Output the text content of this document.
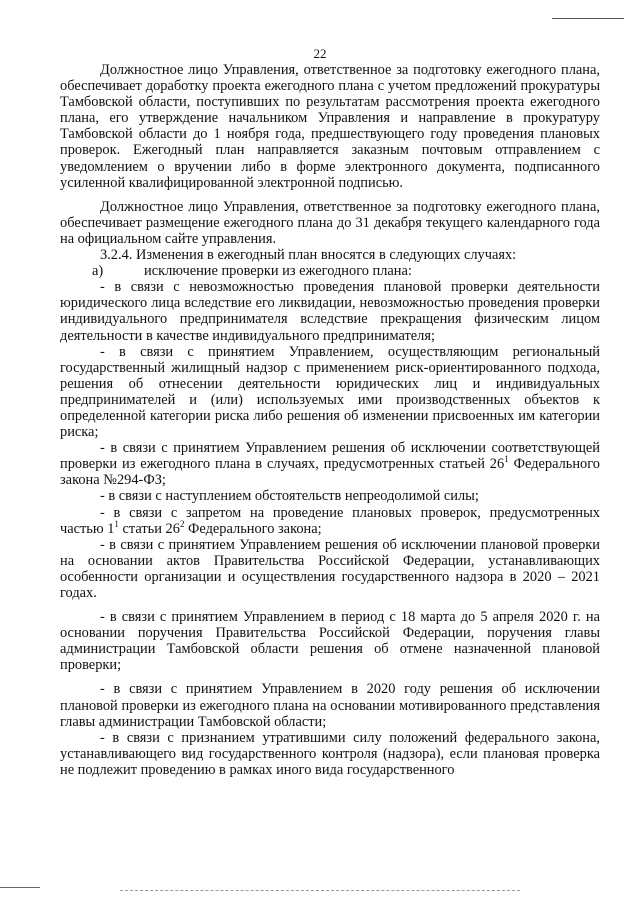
22

Должностное лицо Управления, ответственное за подготовку ежегодного плана, обеспечивает доработку проекта ежегодного плана с учетом предложений прокуратуры Тамбовской области, поступивших по результатам рассмотрения проекта ежегодного плана, его утверждение начальником Управления и направление в прокуратуру Тамбовской области до 1 ноября года, предшествующего году проведения плановых проверок. Ежегодный план направляется заказным почтовым отправлением с уведомлением о вручении либо в форме электронного документа, подписанного усиленной квалифицированной электронной подписью.

Должностное лицо Управления, ответственное за подготовку ежегодного плана, обеспечивает размещение ежегодного плана до 31 декабря текущего календарного года на официальном сайте управления.

3.2.4. Изменения в ежегодный план вносятся в следующих случаях:

а)	исключение проверки из ежегодного плана:

- в связи с невозможностью проведения плановой проверки деятельности юридического лица вследствие его ликвидации, невозможностью проведения проверки индивидуального предпринимателя вследствие прекращения физическим лицом деятельности в качестве индивидуального предпринимателя;

- в связи с принятием Управлением, осуществляющим региональный государственный жилищный надзор с применением риск-ориентированного подхода, решения об отнесении деятельности юридических лиц и индивидуальных предпринимателей и (или) используемых ими производственных объектов к определенной категории риска либо решения об изменении присвоенных им категории риска;

- в связи с принятием Управлением решения об исключении соответствующей проверки из ежегодного плана в случаях, предусмотренных статьей $26^1$ Федерального закона №294-ФЗ;

- в связи с наступлением обстоятельств непреодолимой силы;

- в связи с запретом на проведение плановых проверок, предусмотренных частью $1^1$ статьи $26^2$ Федерального закона;

- в связи с принятием Управлением решения об исключении плановой проверки на основании актов Правительства Российской Федерации, устанавливающих особенности организации и осуществления государственного надзора в 2020 – 2021 годах.

- в связи с принятием Управлением в период с 18 марта до 5 апреля 2020 г. на основании поручения Правительства Российской Федерации, поручения главы администрации Тамбовской области решения об отмене назначенной плановой проверки;

- в связи с принятием Управлением в 2020 году решения об исключении плановой проверки из ежегодного плана на основании мотивированного представления главы администрации Тамбовской области;

- в связи с признанием утратившими силу положений федерального закона, устанавливающего вид государственного контроля (надзора), если плановая проверка не подлежит проведению в рамках иного вида государственного
